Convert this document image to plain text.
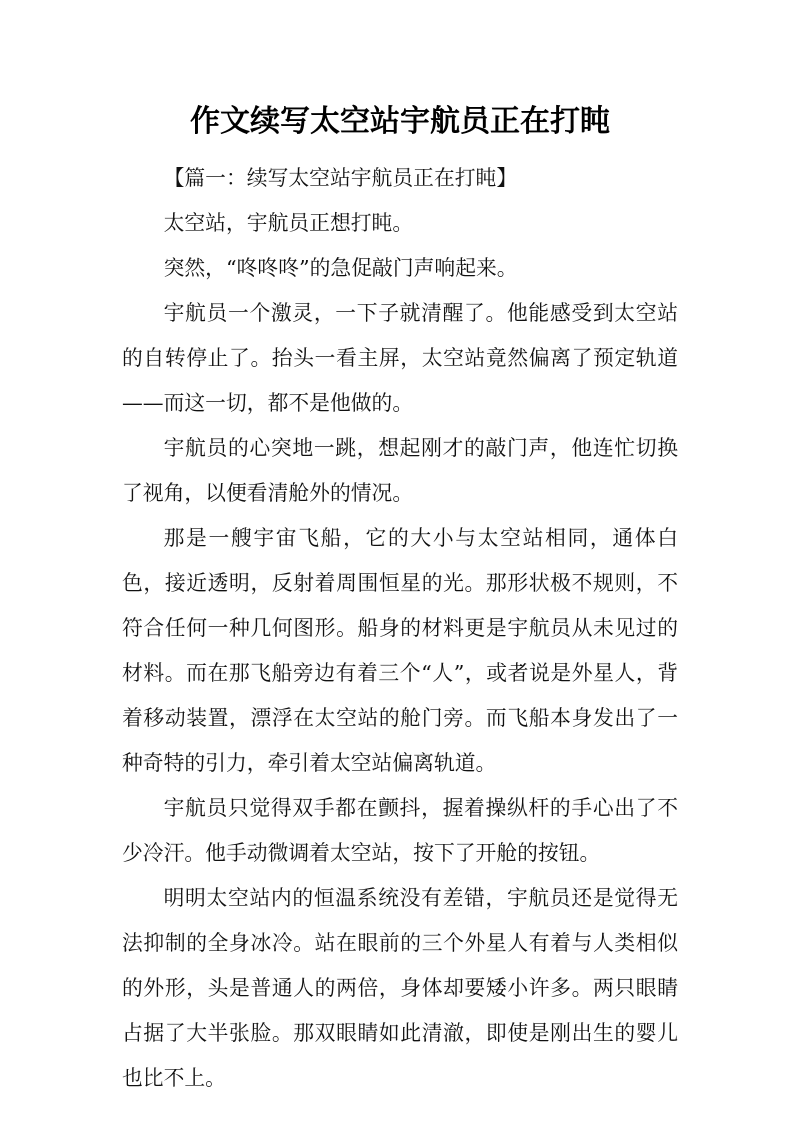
作文续写太空站宇航员正在打盹

【篇一：续写太空站宇航员正在打盹】

太空站，宇航员正想打盹。

突然，“咚咚咚”的急促敲门声响起来。

宇航员一个激灵，一下子就清醒了。他能感受到太空站的自转停止了。抬头一看主屏，太空站竟然偏离了预定轨道——而这一切，都不是他做的。

宇航员的心突地一跳，想起刚才的敲门声，他连忙切换了视角，以便看清舱外的情况。

那是一艘宇宙飞船，它的大小与太空站相同，通体白色，接近透明，反射着周围恒星的光。那形状极不规则，不符合任何一种几何图形。船身的材料更是宇航员从未见过的材料。而在那飞船旁边有着三个“人”，或者说是外星人，背着移动装置，漂浮在太空站的舱门旁。而飞船本身发出了一种奇特的引力，牵引着太空站偏离轨道。

宇航员只觉得双手都在颤抖，握着操纵杆的手心出了不少冷汗。他手动微调着太空站，按下了开舱的按钮。

明明太空站内的恒温系统没有差错，宇航员还是觉得无法抑制的全身冰冷。站在眼前的三个外星人有着与人类相似的外形，头是普通人的两倍，身体却要矮小许多。两只眼睛占据了大半张脸。那双眼睛如此清澈，即使是刚出生的婴儿也比不上。
